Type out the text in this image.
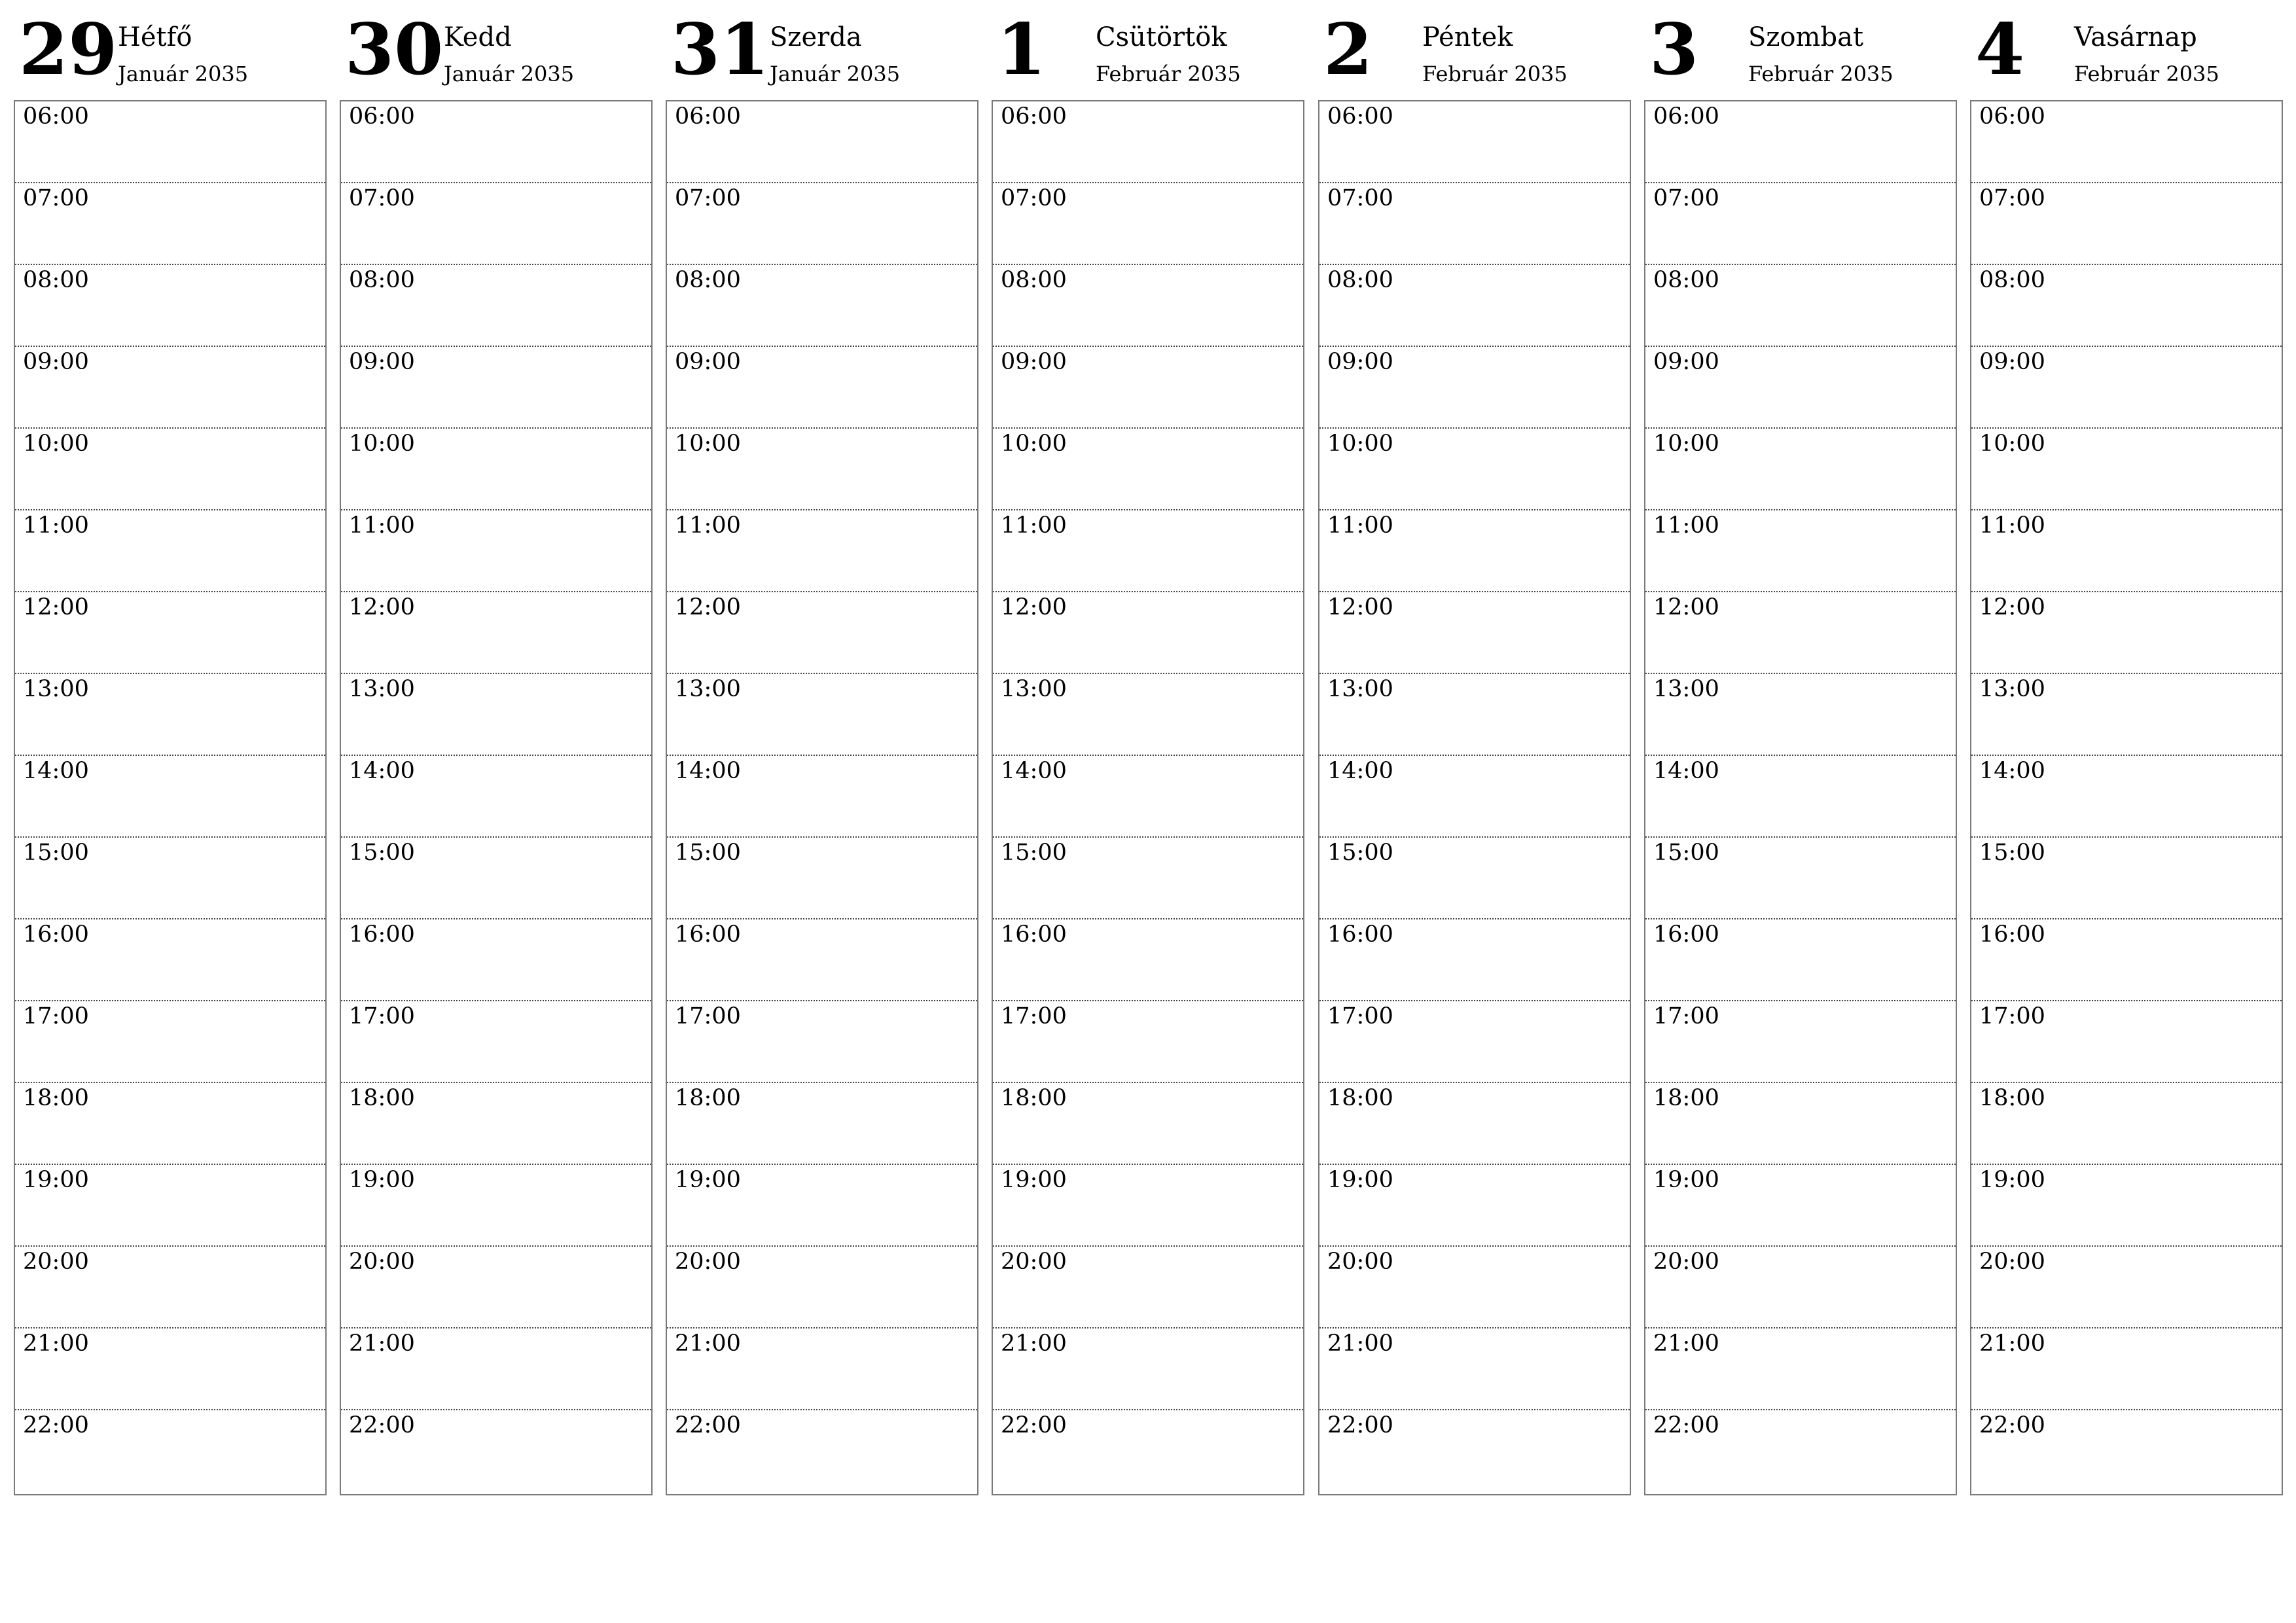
29 Hétfő
Január 2035
06:00
07:00
08:00
09:00
10:00
11:00
12:00
13:00
14:00
15:00
16:00
17:00
18:00
19:00
20:00
21:00
22:00
30 Kedd
Január 2035
06:00
07:00
08:00
09:00
10:00
11:00
12:00
13:00
14:00
15:00
16:00
17:00
18:00
19:00
20:00
21:00
22:00
31 Szerda
Január 2035
06:00
07:00
08:00
09:00
10:00
11:00
12:00
13:00
14:00
15:00
16:00
17:00
18:00
19:00
20:00
21:00
22:00
1 Csütörtök
Február 2035
06:00
07:00
08:00
09:00
10:00
11:00
12:00
13:00
14:00
15:00
16:00
17:00
18:00
19:00
20:00
21:00
22:00
2 Péntek
Február 2035
06:00
07:00
08:00
09:00
10:00
11:00
12:00
13:00
14:00
15:00
16:00
17:00
18:00
19:00
20:00
21:00
22:00
3 Szombat
Február 2035
06:00
07:00
08:00
09:00
10:00
11:00
12:00
13:00
14:00
15:00
16:00
17:00
18:00
19:00
20:00
21:00
22:00
4 Vasárnap
Február 2035
06:00
07:00
08:00
09:00
10:00
11:00
12:00
13:00
14:00
15:00
16:00
17:00
18:00
19:00
20:00
21:00
22:00
